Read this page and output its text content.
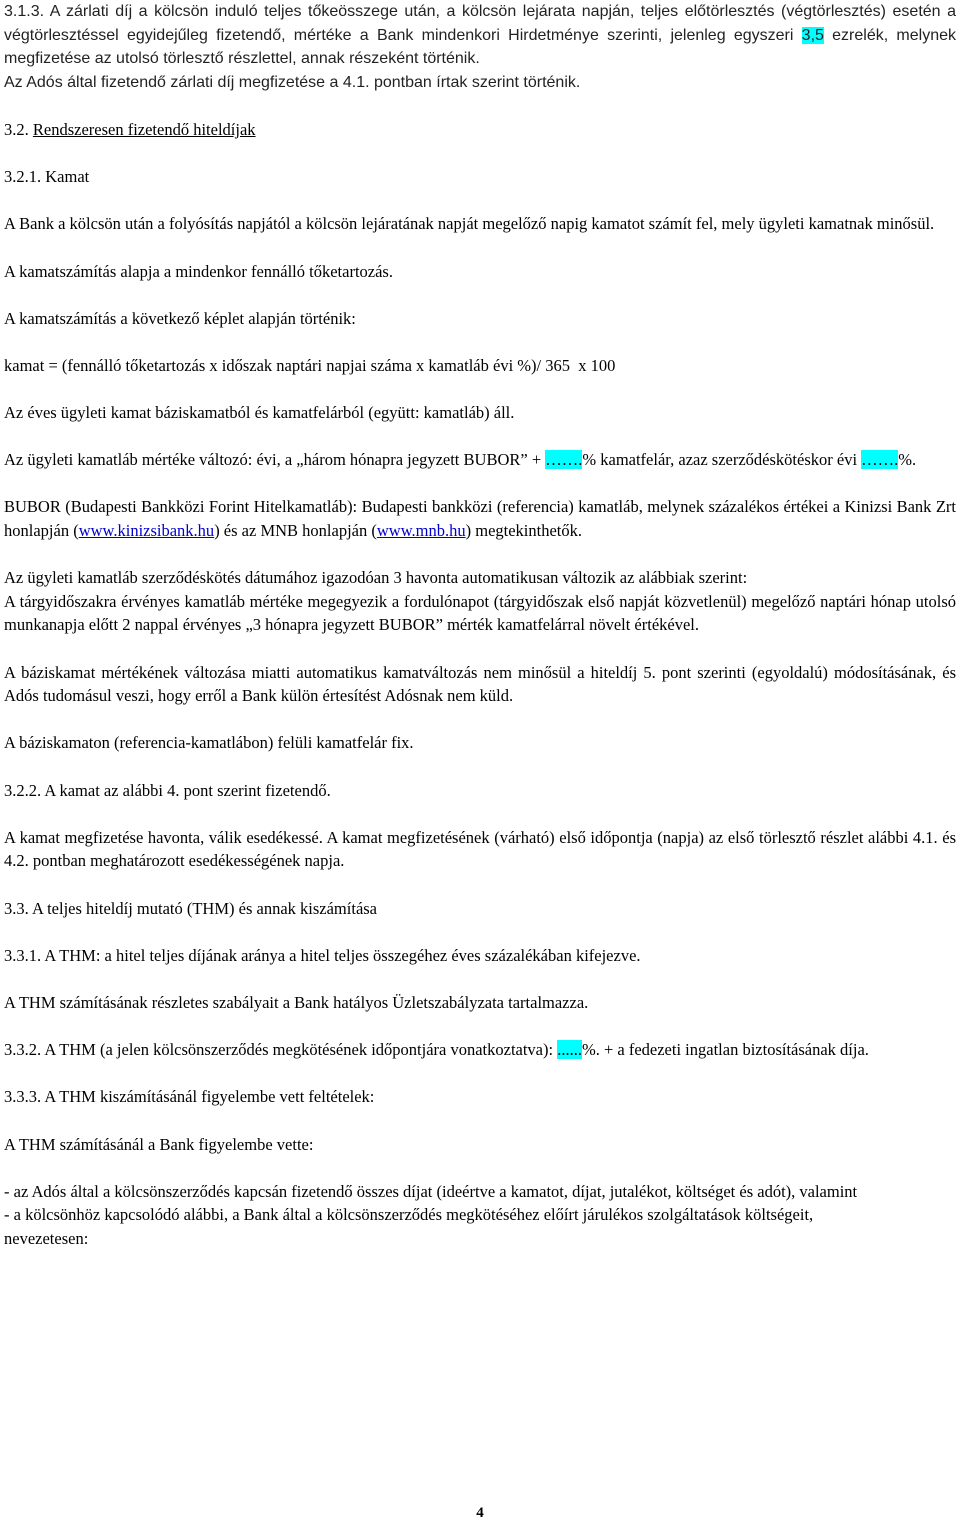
3.1.3. A zárlati díj a kölcsön induló teljes tőkeösszege után, a kölcsön lejárata napján, teljes előtörlesztés (végtörlesztés) esetén a végtörlesztéssel egyidejűleg fizetendő, mértéke a Bank mindenkori Hirdetménye szerinti, jelenleg egyszeri 3,5 ezrelék, melynek megfizetése az utolsó törlesztő részlettel, annak részeként történik.

Az Adós által fizetendő zárlati díj megfizetése a 4.1. pontban írtak szerint történik.

3.2. Rendszeresen fizetendő hiteldíjak

3.2.1. Kamat

A Bank a kölcsön után a folyósítás napjától a kölcsön lejáratának napját megelőző napig kamatot számít fel, mely ügyleti kamatnak minősül.

A kamatszámítás alapja a mindenkor fennálló tőketartozás.

A kamatszámítás a következő képlet alapján történik:

kamat = (fennálló tőketartozás x időszak naptári napjai száma x kamatláb évi %)/ 365  x 100

Az éves ügyleti kamat báziskamatból és kamatfelárból (együtt: kamatláb) áll.

Az ügyleti kamatláb mértéke változó: évi, a „három hónapra jegyzett BUBOR” + …….% kamatfelár, azaz szerződéskötéskor évi …….%.

BUBOR (Budapesti Bankközi Forint Hitelkamatláb): Budapesti bankközi (referencia) kamatláb, melynek százalékos értékei a Kinizsi Bank Zrt honlapján (www.kinizsibank.hu) és az MNB honlapján (www.mnb.hu) megtekinthetők.

Az ügyleti kamatláb szerződéskötés dátumához igazodóan 3 havonta automatikusan változik az alábbiak szerint:

A tárgyidőszakra érvényes kamatláb mértéke megegyezik a fordulónapot (tárgyidőszak első napját közvetlenül) megelőző naptári hónap utolsó munkanapja előtt 2 nappal érvényes „3 hónapra jegyzett BUBOR” mérték kamatfelárral növelt értékével.

A báziskamat mértékének változása miatti automatikus kamatváltozás nem minősül a hiteldíj 5. pont szerinti (egyoldalú) módosításának, és Adós tudomásul veszi, hogy erről a Bank külön értesítést Adósnak nem küld.

A báziskamaton (referencia-kamatlábon) felüli kamatfelár fix.

3.2.2. A kamat az alábbi 4. pont szerint fizetendő.

A kamat megfizetése havonta, válik esedékessé. A kamat megfizetésének (várható) első időpontja (napja) az első törlesztő részlet alábbi 4.1. és 4.2. pontban meghatározott esedékességének napja.

3.3. A teljes hiteldíj mutató (THM) és annak kiszámítása

3.3.1. A THM: a hitel teljes díjának aránya a hitel teljes összegéhez éves százalékában kifejezve.

A THM számításának részletes szabályait a Bank hatályos Üzletszabályzata tartalmazza.

3.3.2. A THM (a jelen kölcsönszerződés megkötésének időpontjára vonatkoztatva): ......%. + a fedezeti ingatlan biztosításának díja.

3.3.3. A THM kiszámításánál figyelembe vett feltételek:

A THM számításánál a Bank figyelembe vette:

- az Adós által a kölcsönszerződés kapcsán fizetendő összes díjat (ideértve a kamatot, díjat, jutalékot, költséget és adót), valamint

- a kölcsönhöz kapcsolódó alábbi, a Bank által a kölcsönszerződés megkötéséhez előírt járulékos szolgáltatások költségeit,

nevezetesen:

4
